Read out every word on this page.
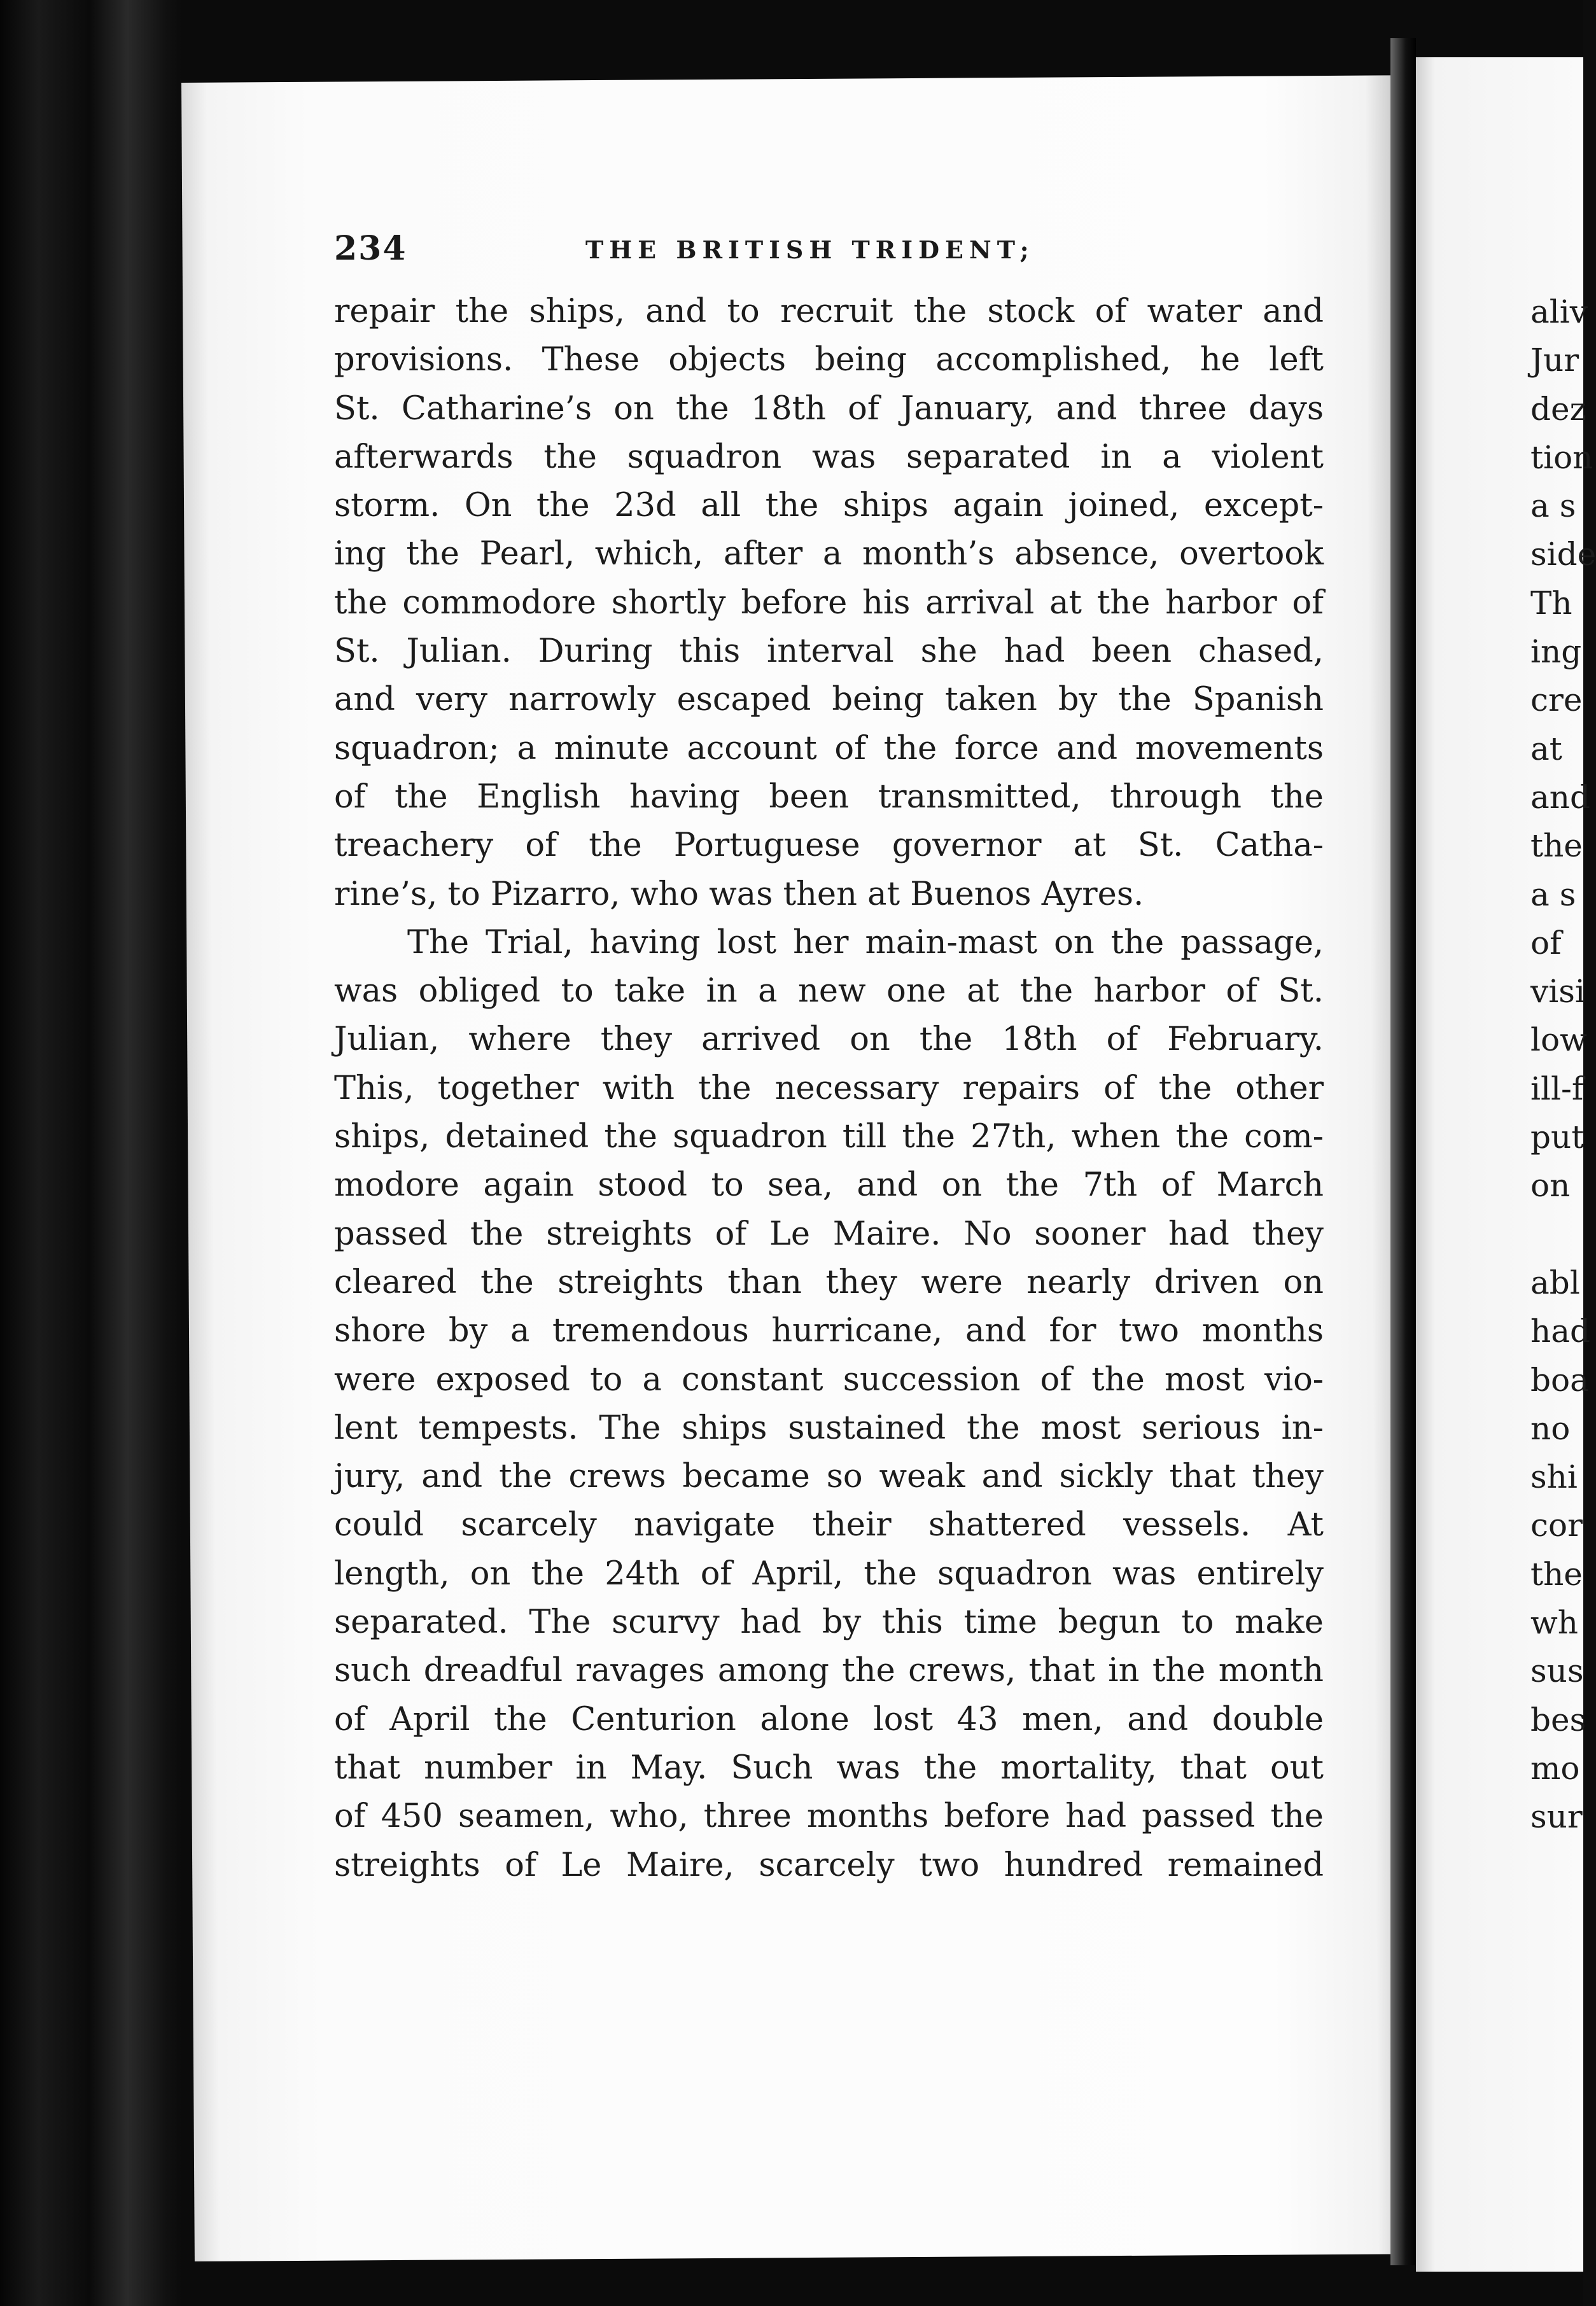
234	THE BRITISH TRIDENT;
repair the ships, and to recruit the stock of water and
provisions. These objects being accomplished, he left
St. Catharine’s on the 18th of January, and three days
afterwards the squadron was separated in a violent
storm. On the 23d all the ships again joined, except-
ing the Pearl, which, after a month’s absence, overtook
the commodore shortly before his arrival at the harbor of
St. Julian. During this interval she had been chased,
and very narrowly escaped being taken by the Spanish
squadron; a minute account of the force and movements
of the English having been transmitted, through the
treachery of the Portuguese governor at St. Catha-
rine’s, to Pizarro, who was then at Buenos Ayres.
The Trial, having lost her main-mast on the passage,
was obliged to take in a new one at the harbor of St.
Julian, where they arrived on the 18th of February.
This, together with the necessary repairs of the other
ships, detained the squadron till the 27th, when the com-
modore again stood to sea, and on the 7th of March
passed the streights of Le Maire. No sooner had they
cleared the streights than they were nearly driven on
shore by a tremendous hurricane, and for two months
were exposed to a constant succession of the most vio-
lent tempests. The ships sustained the most serious in-
jury, and the crews became so weak and sickly that they
could scarcely navigate their shattered vessels. At
length, on the 24th of April, the squadron was entirely
separated. The scurvy had by this time begun to make
such dreadful ravages among the crews, that in the month
of April the Centurion alone lost 43 men, and double
that number in May. Such was the mortality, that out
of 450 seamen, who, three months before had passed the
streights of Le Maire, scarcely two hundred remained
aliv
Jur
dez
tion
a s
side
Th
ing
cre
at
and
the
a s
of
visi
low
ill-f
put
on
abl
had
boa
no
shi
cor
the
wh
sus
bes
mo
sur
